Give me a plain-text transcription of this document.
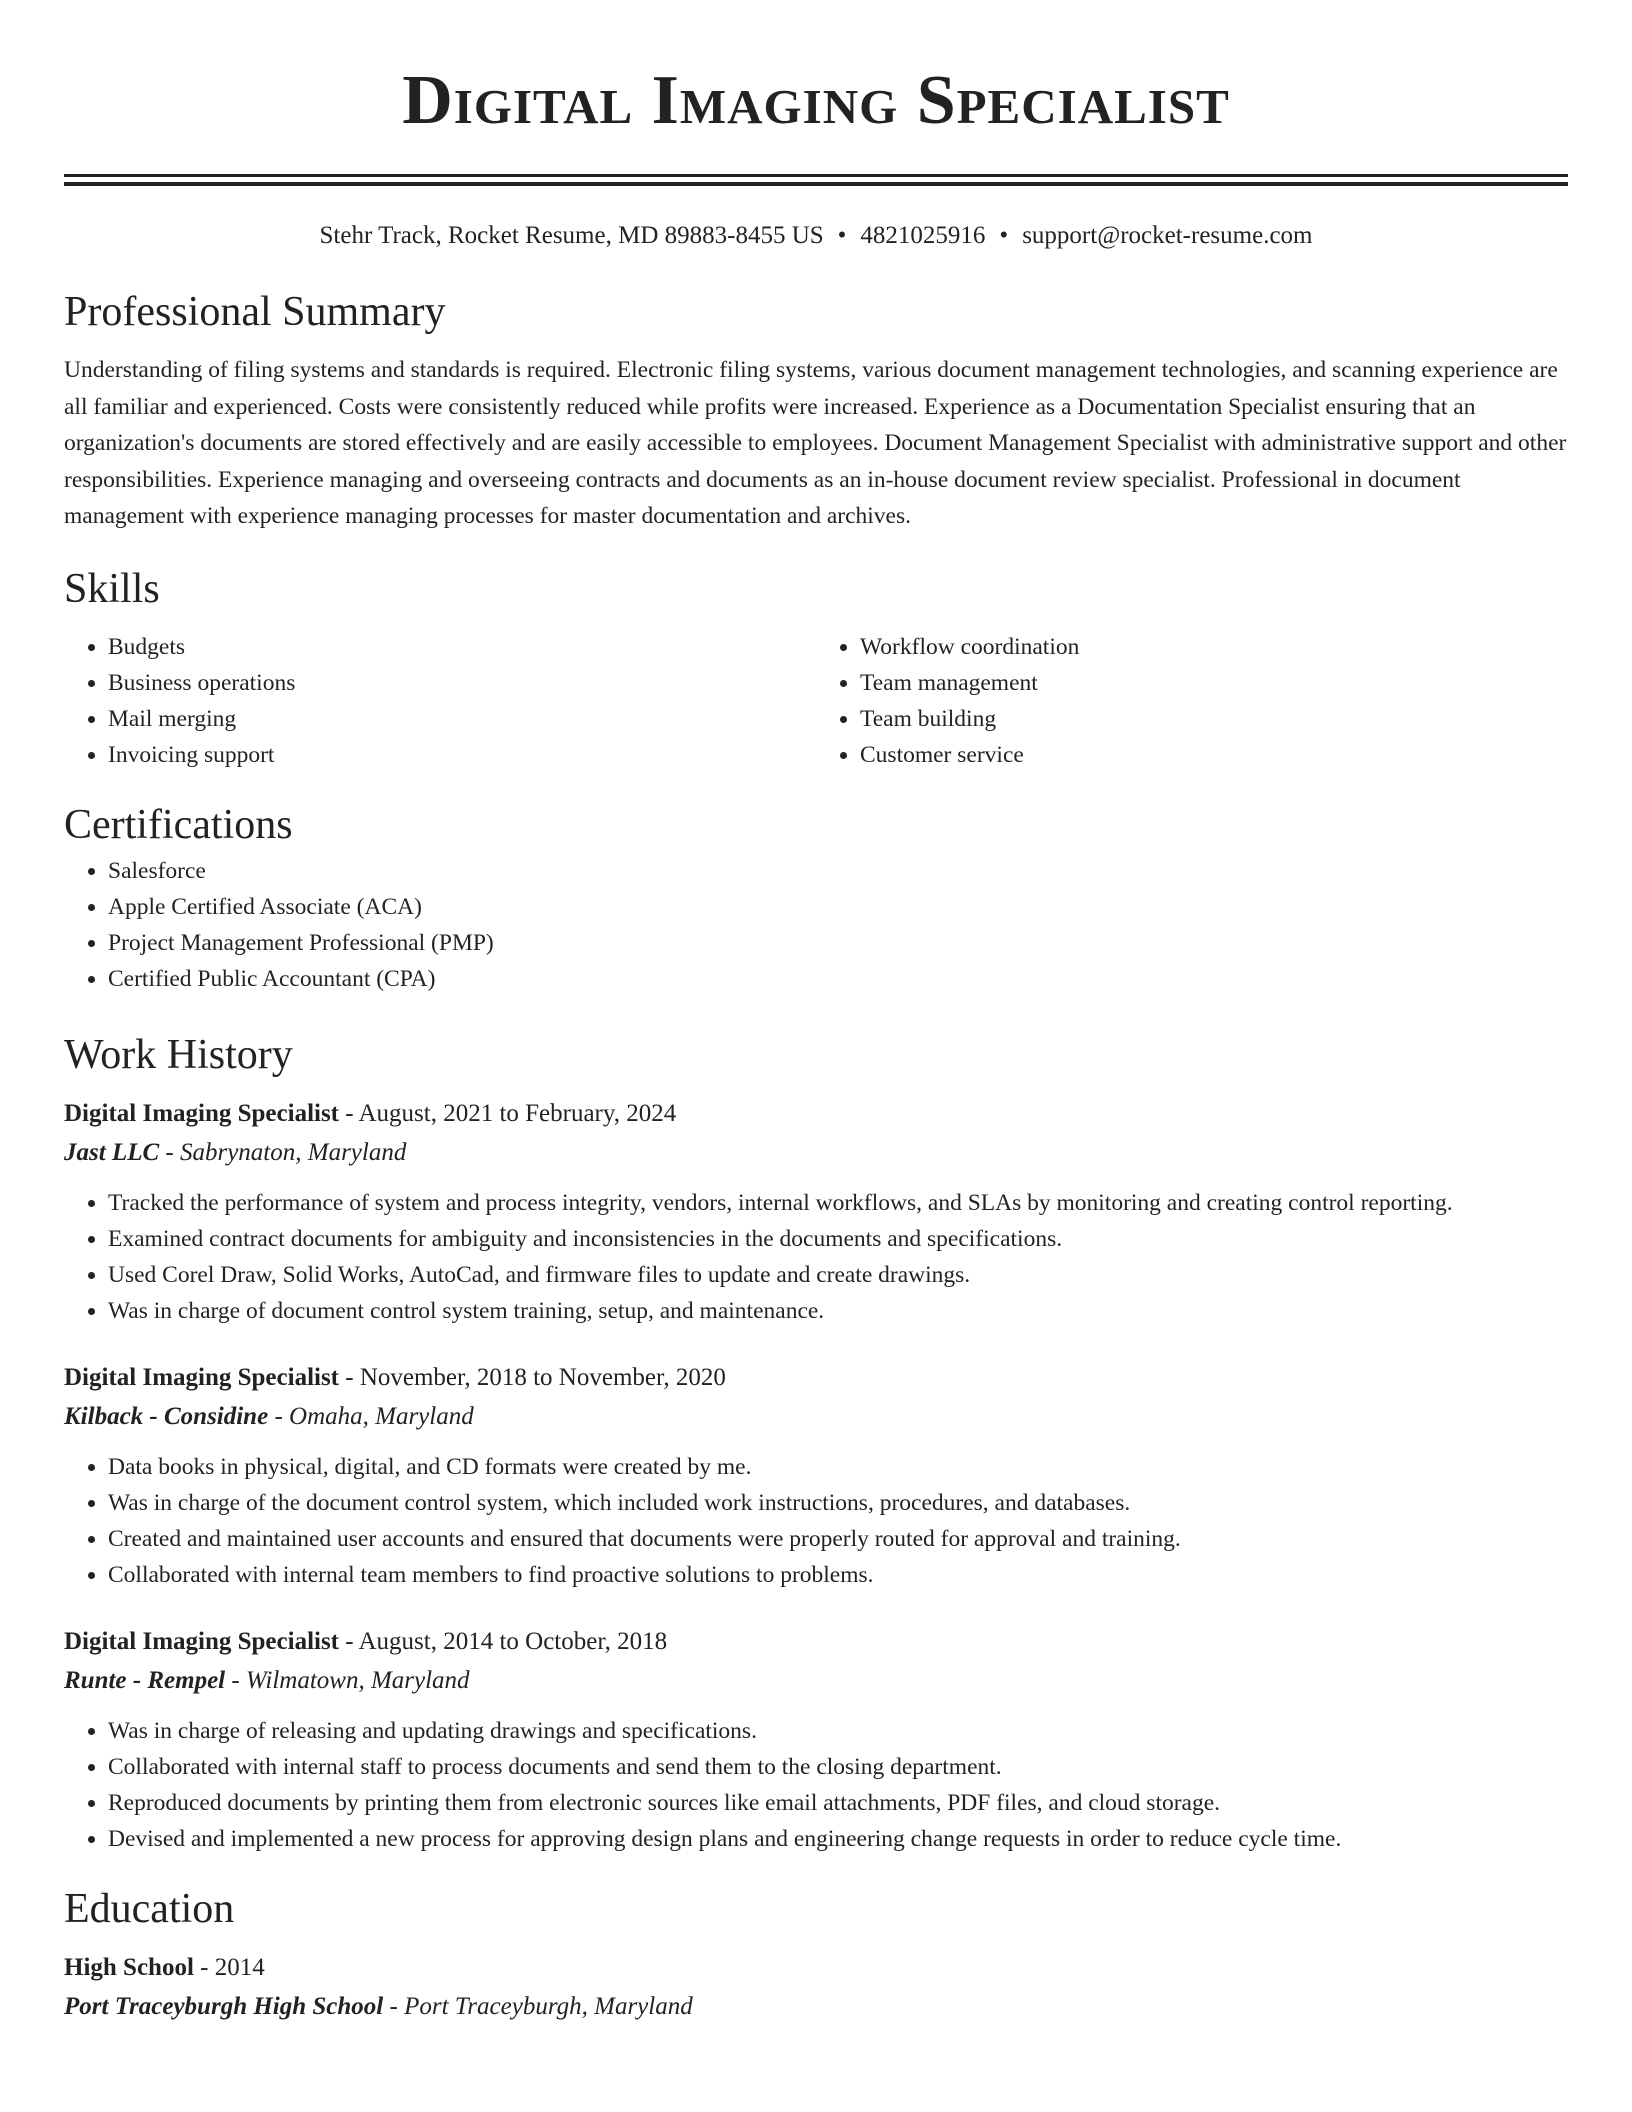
Digital Imaging Specialist
Stehr Track, Rocket Resume, MD 89883-8455 US • 4821025916 • support@rocket-resume.com
Professional Summary

Understanding of filing systems and standards is required. Electronic filing systems, various document management technologies, and scanning experience are all familiar and experienced. Costs were consistently reduced while profits were increased. Experience as a Documentation Specialist ensuring that an organization's documents are stored effectively and are easily accessible to employees. Document Management Specialist with administrative support and other responsibilities. Experience managing and overseeing contracts and documents as an in-house document review specialist. Professional in document management with experience managing processes for master documentation and archives.

Skills
• Budgets
• Business operations
• Mail merging
• Invoicing support
• Workflow coordination
• Team management
• Team building
• Customer service
Certifications
• Salesforce
• Apple Certified Associate (ACA)
• Project Management Professional (PMP)
• Certified Public Accountant (CPA)
Work History
Digital Imaging Specialist - August, 2021 to February, 2024
Jast LLC - Sabrynaton, Maryland
• Tracked the performance of system and process integrity, vendors, internal workflows, and SLAs by monitoring and creating control reporting.
• Examined contract documents for ambiguity and inconsistencies in the documents and specifications.
• Used Corel Draw, Solid Works, AutoCad, and firmware files to update and create drawings.
• Was in charge of document control system training, setup, and maintenance.
Digital Imaging Specialist - November, 2018 to November, 2020
Kilback - Considine - Omaha, Maryland
• Data books in physical, digital, and CD formats were created by me.
• Was in charge of the document control system, which included work instructions, procedures, and databases.
• Created and maintained user accounts and ensured that documents were properly routed for approval and training.
• Collaborated with internal team members to find proactive solutions to problems.
Digital Imaging Specialist - August, 2014 to October, 2018
Runte - Rempel - Wilmatown, Maryland
• Was in charge of releasing and updating drawings and specifications.
• Collaborated with internal staff to process documents and send them to the closing department.
• Reproduced documents by printing them from electronic sources like email attachments, PDF files, and cloud storage.
• Devised and implemented a new process for approving design plans and engineering change requests in order to reduce cycle time.
Education
High School - 2014
Port Traceyburgh High School - Port Traceyburgh, Maryland
